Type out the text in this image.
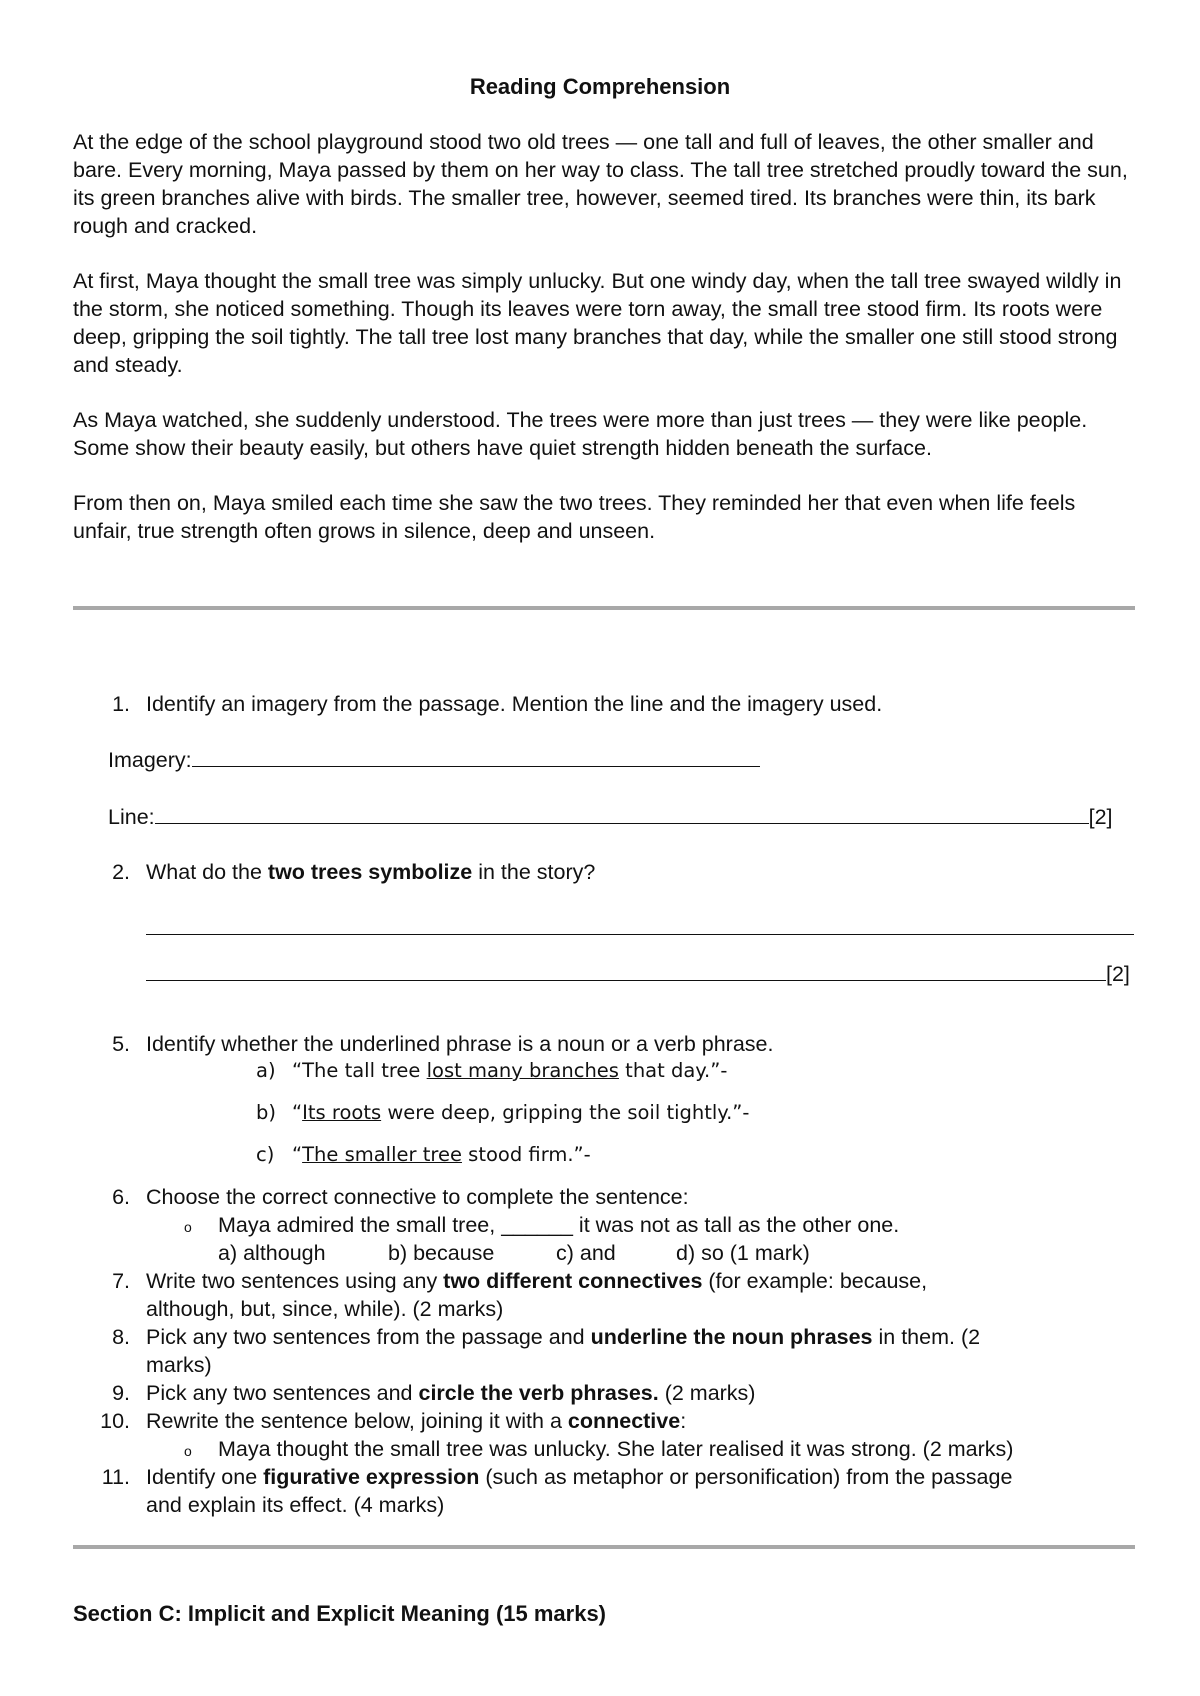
Reading Comprehension

At the edge of the school playground stood two old trees — one tall and full of leaves, the other smaller and bare. Every morning, Maya passed by them on her way to class. The tall tree stretched proudly toward the sun, its green branches alive with birds. The smaller tree, however, seemed tired. Its branches were thin, its bark rough and cracked.

At first, Maya thought the small tree was simply unlucky. But one windy day, when the tall tree swayed wildly in the storm, she noticed something. Though its leaves were torn away, the small tree stood firm. Its roots were deep, gripping the soil tightly. The tall tree lost many branches that day, while the smaller one still stood strong and steady.

As Maya watched, she suddenly understood. The trees were more than just trees — they were like people. Some show their beauty easily, but others have quiet strength hidden beneath the surface.

From then on, Maya smiled each time she saw the two trees. They reminded her that even when life feels unfair, true strength often grows in silence, deep and unseen.

1. Identify an imagery from the passage. Mention the line and the imagery used.
Imagery:
Line:	[2]
2. What do the two trees symbolize in the story?
[2]
5. Identify whether the underlined phrase is a noun or a verb phrase.
a) “The tall tree lost many branches that day.”-
b) “Its roots were deep, gripping the soil tightly.”-
c) “The smaller tree stood firm.”-
6. Choose the correct connective to complete the sentence:
o Maya admired the small tree, ______ it was not as tall as the other one.
a) although	b) because	c) and	d) so (1 mark)
7. Write two sentences using any two different connectives (for example: because,
although, but, since, while). (2 marks)
8. Pick any two sentences from the passage and underline the noun phrases in them. (2
marks)
9. Pick any two sentences and circle the verb phrases. (2 marks)
10. Rewrite the sentence below, joining it with a connective:
o Maya thought the small tree was unlucky. She later realised it was strong. (2 marks)
11. Identify one figurative expression (such as metaphor or personification) from the passage
and explain its effect. (4 marks)
Section C: Implicit and Explicit Meaning (15 marks)
